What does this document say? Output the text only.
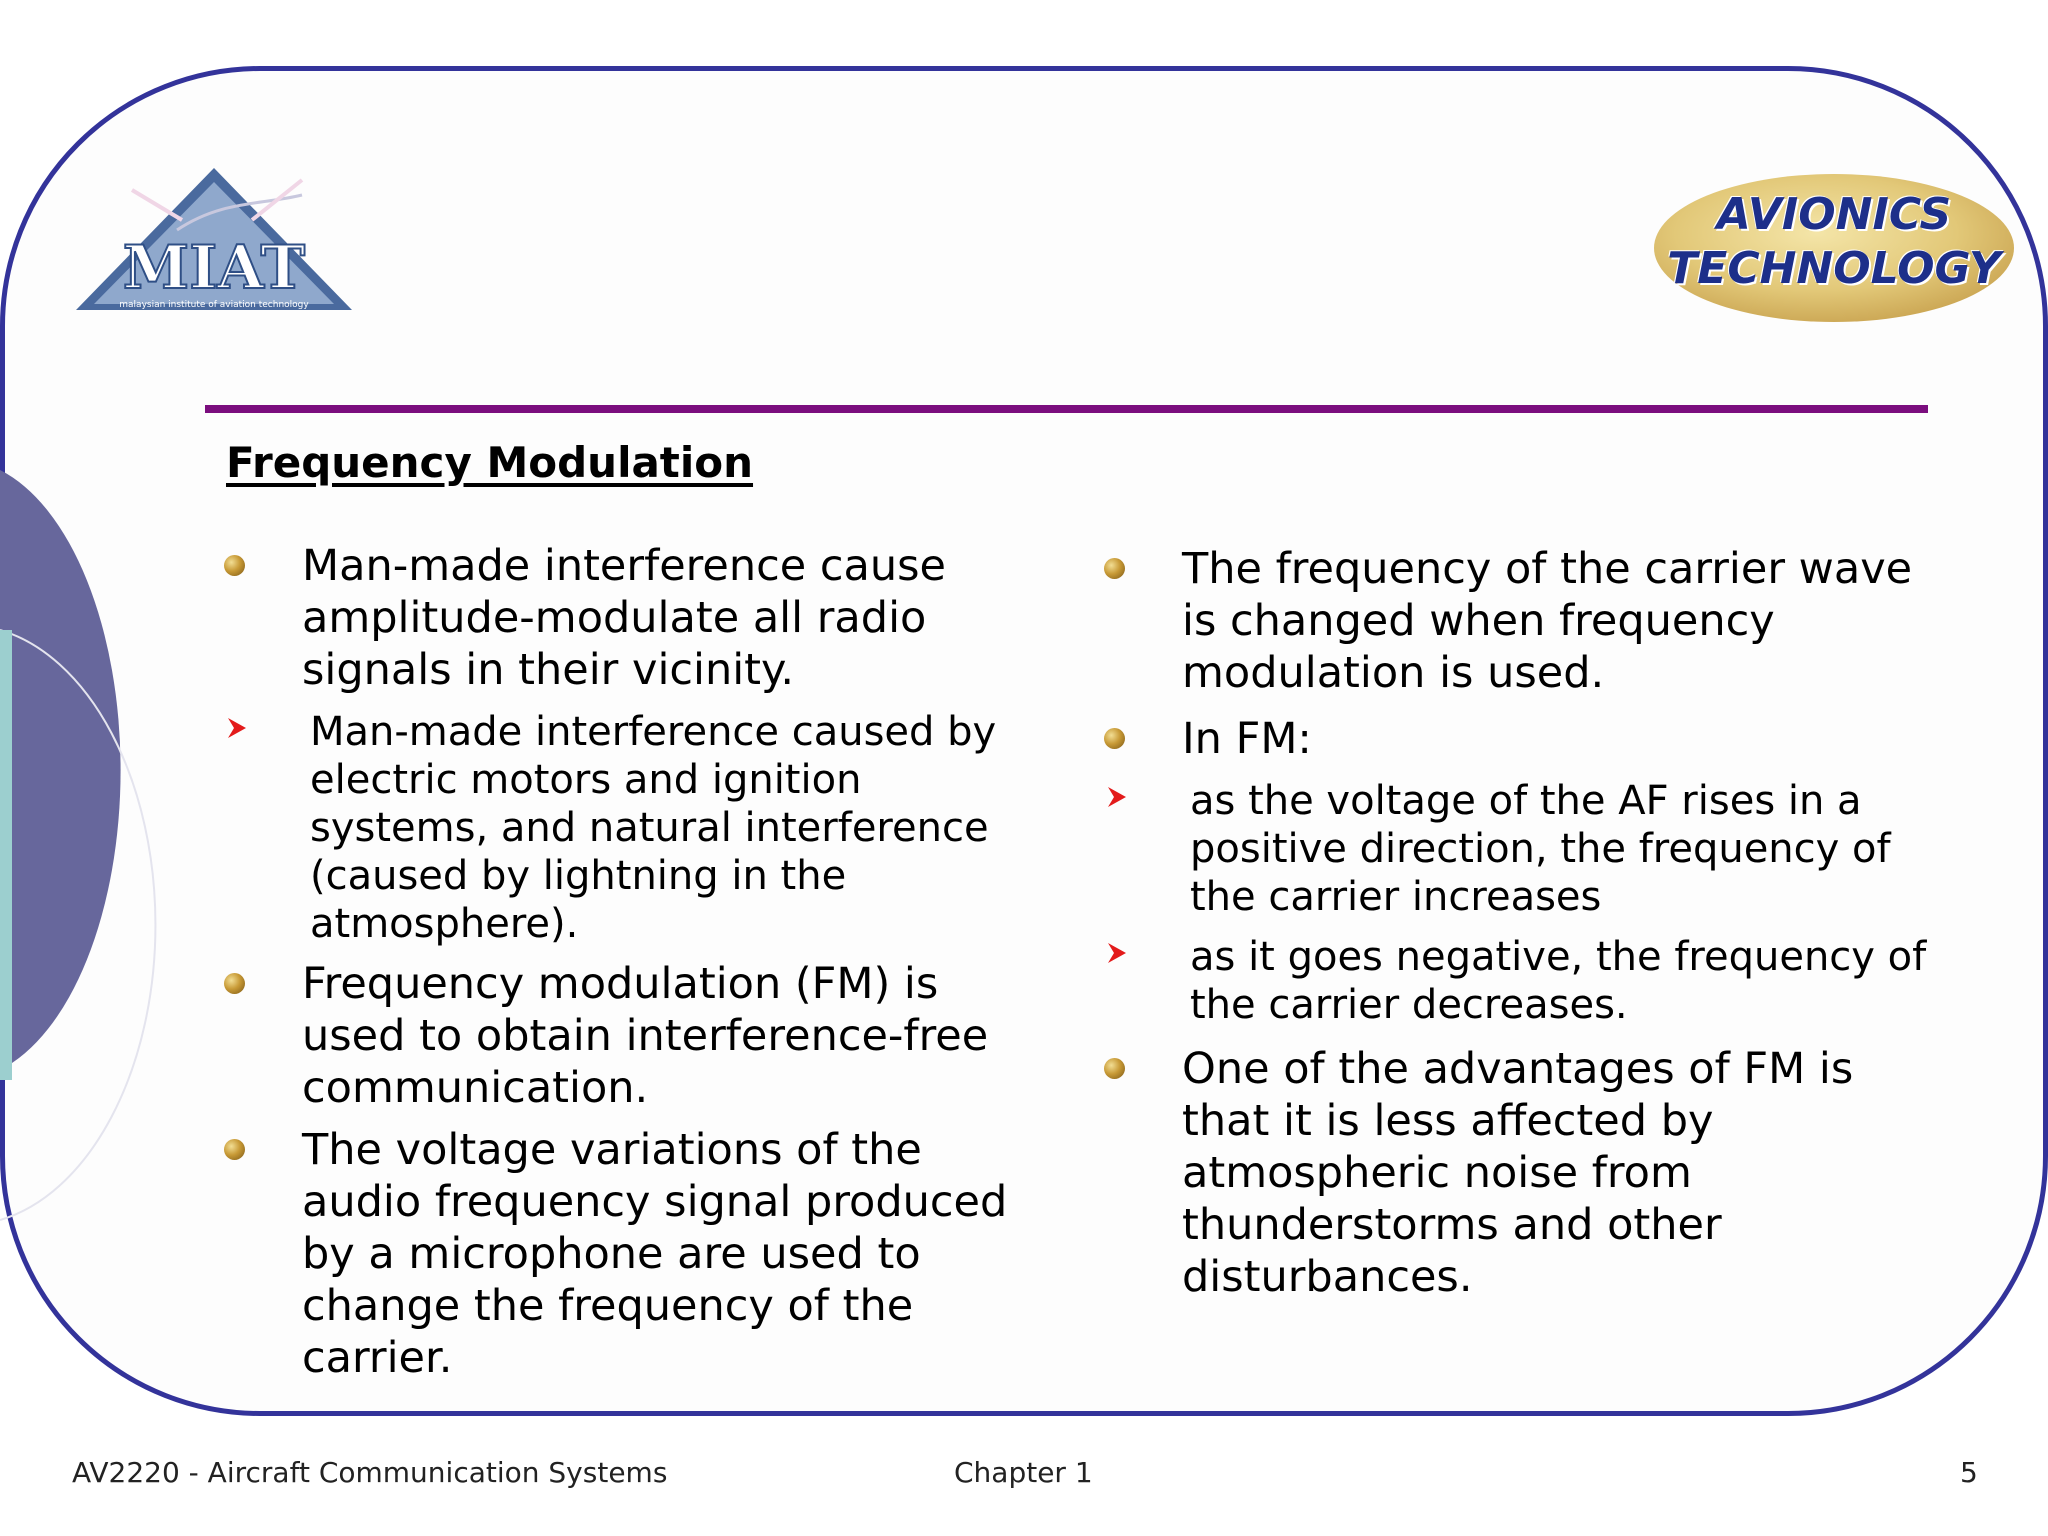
MIAT
malaysian institute of aviation technology
AVIONICS
TECHNOLOGY
Frequency Modulation
Man-made interference cause amplitude-modulate all radio signals in their vicinity.
Man-made interference caused by electric motors and ignition systems, and natural interference (caused by lightning in the atmosphere).
Frequency modulation (FM) is used to obtain interference-free communication.
The voltage variations of the audio frequency signal produced by a microphone are used to change the frequency of the carrier.
The frequency of the carrier wave is changed when frequency modulation is used.
In FM:
as the voltage of the AF rises in a positive direction, the frequency of the carrier increases
as it goes negative, the frequency of the carrier decreases.
One of the advantages of FM is that it is less affected by atmospheric noise from thunderstorms and other disturbances.
AV2220 - Aircraft Communication Systems	Chapter 1	5
